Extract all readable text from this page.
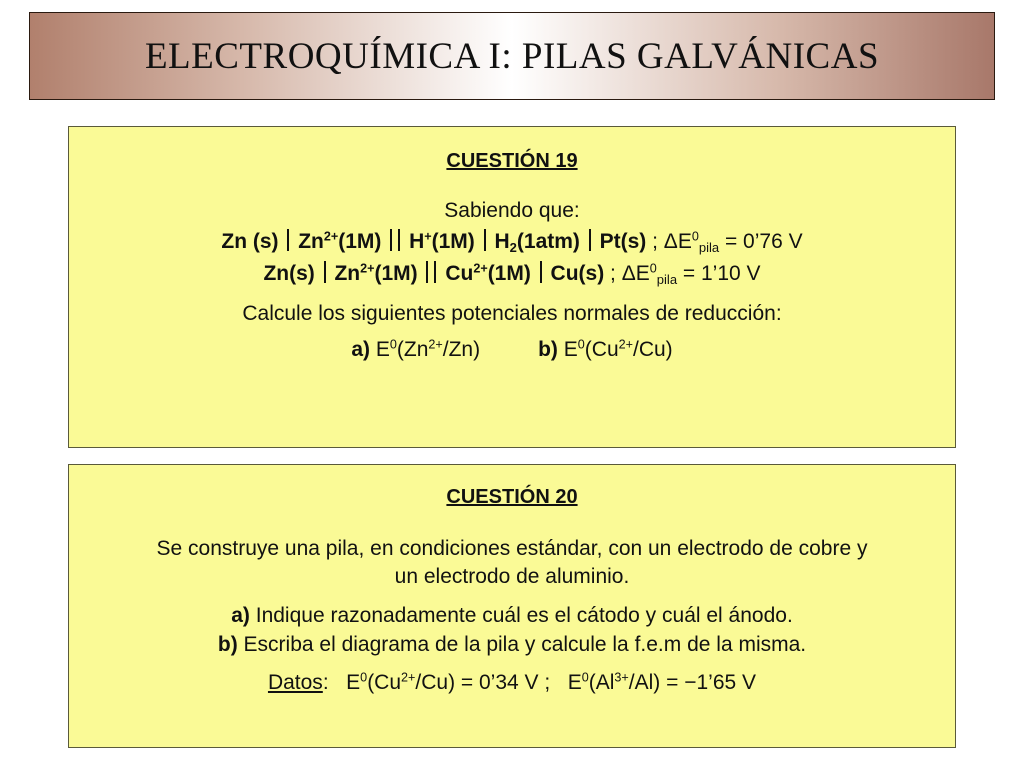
ELECTROQUÍMICA I: PILAS GALVÁNICAS
CUESTIÓN 19
Sabiendo que:
Zn (s) $Zn^{2+}(1M)$ H+(1M) $H_2(1atm)$ Pt(s) ; $\Delta E^0_{pila}$ = 0’76 V
Zn(s) $Zn^{2+}(1M)$ $Cu^{2+}(1M)$ Cu(s) ; $\Delta E^0_{pila}$ = 1’10 V
Calcule los siguientes potenciales normales de reducción:
a) $E^0(Zn^{2+}/Zn)$	b) $E^0(Cu^{2+}/Cu)$
CUESTIÓN 20
Se construye una pila, en condiciones estándar, con un electrodo de cobre y
un electrodo de aluminio.
a) Indique razonadamente cuál es el cátodo y cuál el ánodo.
b) Escriba el diagrama de la pila y calcule la f.e.m de la misma.
Datos:   $E^0(Cu^{2+}/Cu)$ = 0’34 V ;   $E^0(Al^{3+}/Al)$ = −1’65 V
